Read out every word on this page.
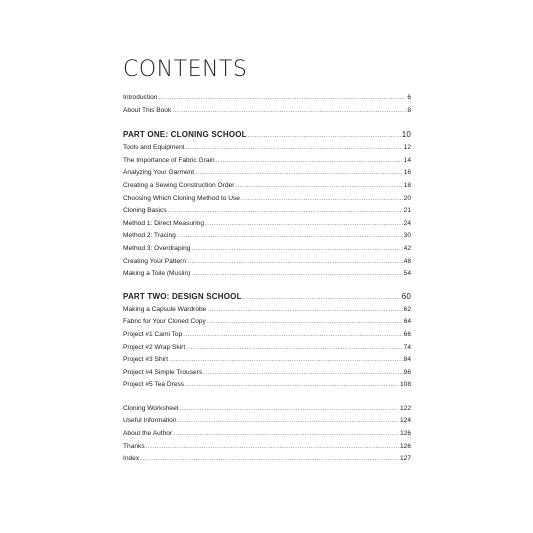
CONTENTS
Introduction .....	6
About This Book .....	8
PART ONE: CLONING SCHOOL .....	10
Tools and Equipment .....	12
The Importance of Fabric Grain .....	14
Analyzing Your Garment .....	16
Creating a Sewing Construction Order .....	18
Choosing Which Cloning Method to Use .....	20
Cloning Basics .....	21
Method 1: Direct Measuring .....	24
Method 2: Tracing .....	30
Method 3: Overdraping .....	42
Creating Your Pattern .....	48
Making a Toile (Muslin) .....	54
PART TWO: DESIGN SCHOOL .....	60
Making a Capsule Wardrobe .....	62
Fabric for Your Cloned Copy .....	64
Project #1 Cami Top .....	66
Project #2 Wrap Skirt .....	74
Project #3 Shirt .....	84
Project #4 Simple Trousers .....	96
Project #5 Tea Dress .....	108
Cloning Worksheet .....	122
Useful Information .....	124
About the Author .....	126
Thanks .....	126
Index .....	127
